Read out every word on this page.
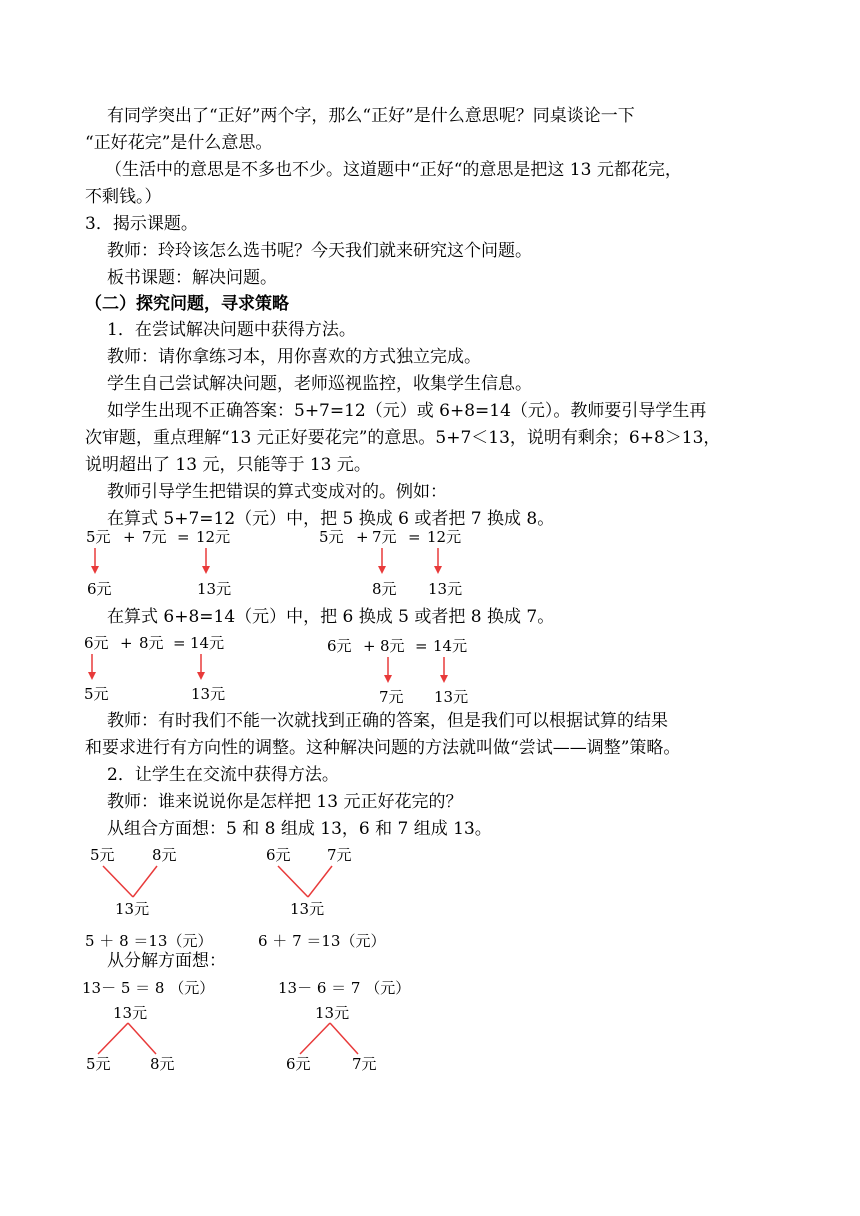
有同学突出了“正好”两个字，那么“正好”是什么意思呢？同桌谈论一下
“正好花完”是什么意思。
（生活中的意思是不多也不少。这道题中“正好“的意思是把这 13 元都花完，
不剩钱。）
3．揭示课题。
教师：玲玲该怎么选书呢？今天我们就来研究这个问题。
板书课题：解决问题。
（二）探究问题，寻求策略
1．在尝试解决问题中获得方法。
教师：请你拿练习本，用你喜欢的方式独立完成。
学生自己尝试解决问题，老师巡视监控，收集学生信息。
如学生出现不正确答案：5+7=12（元）或 6+8=14（元）。教师要引导学生再
次审题，重点理解“13 元正好要花完”的意思。5+7＜13，说明有剩余；6+8＞13，
说明超出了 13 元，只能等于 13 元。
教师引导学生把错误的算式变成对的。例如：
在算式 5+7=12（元）中，把 5 换成 6 或者把 7 换成 8。
5元 + 7元 = 12元
6元	13元
5元 + 7元 = 12元
8元 13元
在算式 6+8=14（元）中，把 6 换成 5 或者把 8 换成 7。
6元 + 8元 = 14元
5元	13元
6元 + 8元 = 14元
7元 13元
教师：有时我们不能一次就找到正确的答案，但是我们可以根据试算的结果
和要求进行有方向性的调整。这种解决问题的方法就叫做“尝试——调整”策略。
2．让学生在交流中获得方法。
教师：谁来说说你是怎样把 13 元正好花完的？
从组合方面想：5 和 8 组成 13，6 和 7 组成 13。
5元 8元
13元
6元 7元
13元
5 ＋ 8 ＝13（元）	6 ＋ 7 ＝13（元）
从分解方面想：
13－ 5 ＝ 8 （元）	13－ 6 ＝ 7 （元）
13元
5元	8元
13元
6元	7元
